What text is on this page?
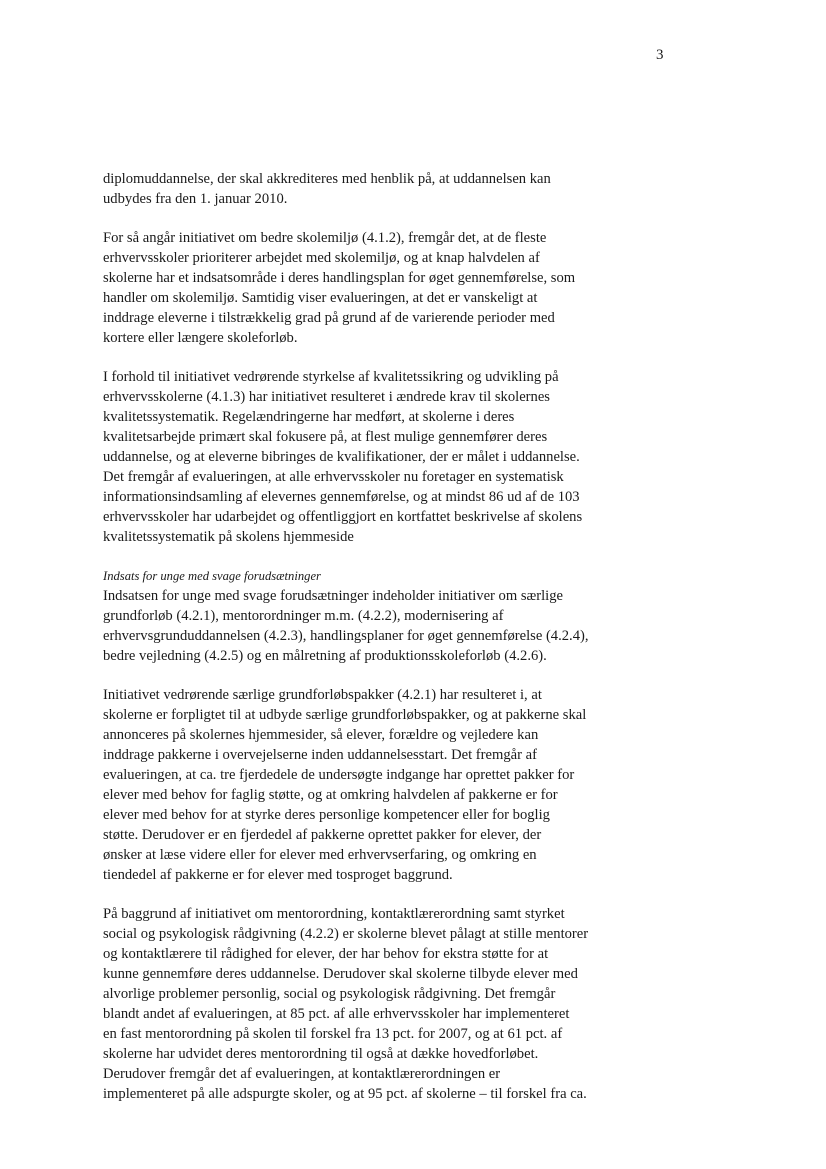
3

diplomuddannelse, der skal akkrediteres med henblik på, at uddannelsen kan
udbydes fra den 1. januar 2010.

For så angår initiativet om bedre skolemiljø (4.1.2), fremgår det, at de fleste
erhvervsskoler prioriterer arbejdet med skolemiljø, og at knap halvdelen af
skolerne har et indsatsområde i deres handlingsplan for øget gennemførelse, som
handler om skolemiljø. Samtidig viser evalueringen, at det er vanskeligt at
inddrage eleverne i tilstrækkelig grad på grund af de varierende perioder med
kortere eller længere skoleforløb.

I forhold til initiativet vedrørende styrkelse af kvalitetssikring og udvikling på
erhvervsskolerne (4.1.3) har initiativet resulteret i ændrede krav til skolernes
kvalitetssystematik. Regelændringerne har medført, at skolerne i deres
kvalitetsarbejde primært skal fokusere på, at flest mulige gennemfører deres
uddannelse, og at eleverne bibringes de kvalifikationer, der er målet i uddannelse.
Det fremgår af evalueringen, at alle erhvervsskoler nu foretager en systematisk
informationsindsamling af elevernes gennemførelse, og at mindst 86 ud af de 103
erhvervsskoler har udarbejdet og offentliggjort en kortfattet beskrivelse af skolens
kvalitetssystematik på skolens hjemmeside

Indsats for unge med svage forudsætninger
Indsatsen for unge med svage forudsætninger indeholder initiativer om særlige
grundforløb (4.2.1), mentorordninger m.m. (4.2.2), modernisering af
erhvervsgrunduddannelsen (4.2.3), handlingsplaner for øget gennemførelse (4.2.4),
bedre vejledning (4.2.5) og en målretning af produktionsskoleforløb (4.2.6).

Initiativet vedrørende særlige grundforløbspakker (4.2.1) har resulteret i, at
skolerne er forpligtet til at udbyde særlige grundforløbspakker, og at pakkerne skal
annonceres på skolernes hjemmesider, så elever, forældre og vejledere kan
inddrage pakkerne i overvejelserne inden uddannelsesstart. Det fremgår af
evalueringen, at ca. tre fjerdedele de undersøgte indgange har oprettet pakker for
elever med behov for faglig støtte, og at omkring halvdelen af pakkerne er for
elever med behov for at styrke deres personlige kompetencer eller for boglig
støtte. Derudover er en fjerdedel af pakkerne oprettet pakker for elever, der
ønsker at læse videre eller for elever med erhvervserfaring, og omkring en
tiendedel af pakkerne er for elever med tosproget baggrund.

På baggrund af initiativet om mentorordning, kontaktlærerordning samt styrket
social og psykologisk rådgivning (4.2.2) er skolerne blevet pålagt at stille mentorer
og kontaktlærere til rådighed for elever, der har behov for ekstra støtte for at
kunne gennemføre deres uddannelse. Derudover skal skolerne tilbyde elever med
alvorlige problemer personlig, social og psykologisk rådgivning. Det fremgår
blandt andet af evalueringen, at 85 pct. af alle erhvervsskoler har implementeret
en fast mentorordning på skolen til forskel fra 13 pct. for 2007, og at 61 pct. af
skolerne har udvidet deres mentorordning til også at dække hovedforløbet.
Derudover fremgår det af evalueringen, at kontaktlærerordningen er
implementeret på alle adspurgte skoler, og at 95 pct. af skolerne – til forskel fra ca.
